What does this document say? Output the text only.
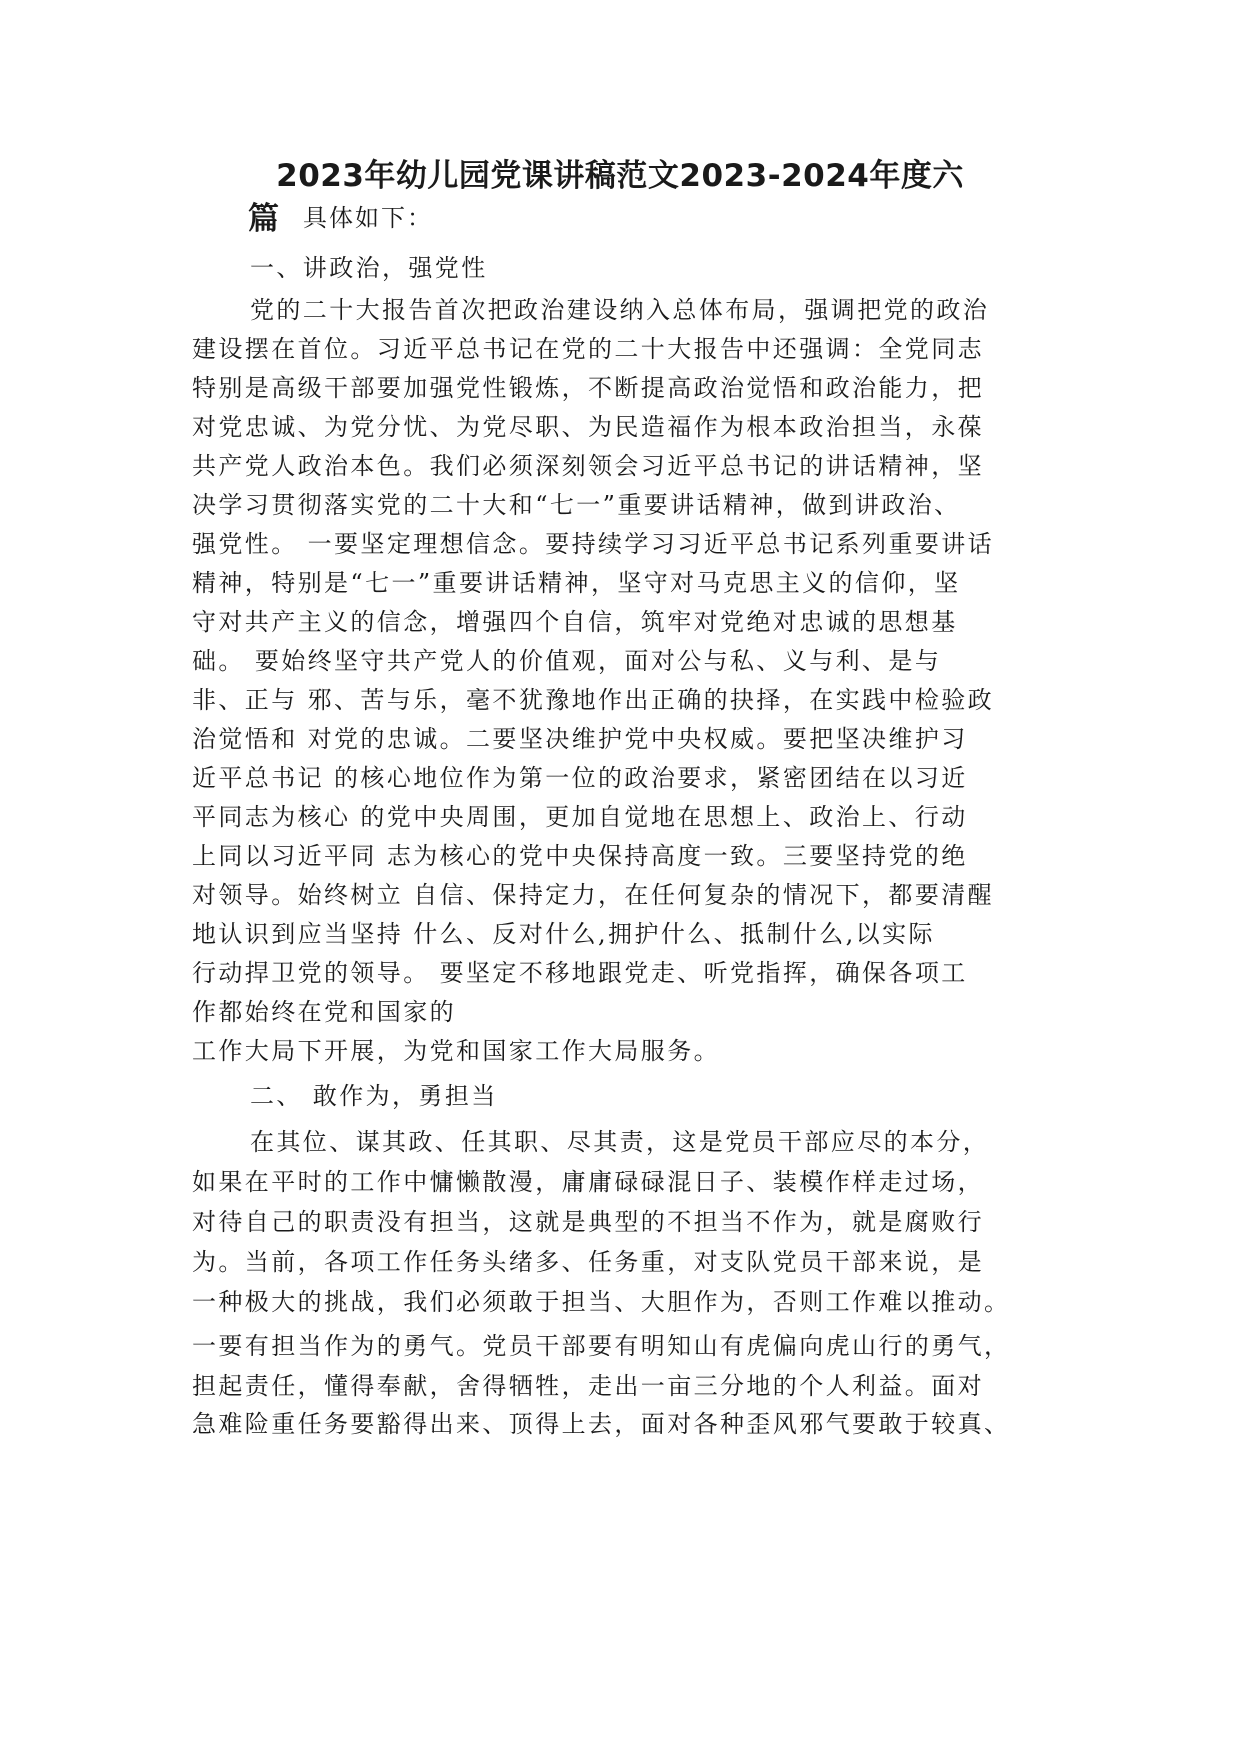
2023年幼儿园党课讲稿范文2023-2024年度六
篇 具体如下：
一、讲政治，强党性
党的二十大报告首次把政治建设纳入总体布局，强调把党的政治
建设摆在首位。习近平总书记在党的二十大报告中还强调：全党同志
特别是高级干部要加强党性锻炼，不断提高政治觉悟和政治能力，把
对党忠诚、为党分忧、为党尽职、为民造福作为根本政治担当，永葆
共产党人政治本色。我们必须深刻领会习近平总书记的讲话精神，坚
决学习贯彻落实党的二十大和“七一”重要讲话精神，做到讲政治、
强党性。 一要坚定理想信念。要持续学习习近平总书记系列重要讲话
精神，特别是“七一”重要讲话精神，坚守对马克思主义的信仰，坚
守对共产主义的信念，增强四个自信，筑牢对党绝对忠诚的思想基
础。 要始终坚守共产党人的价值观，面对公与私、义与利、是与
非、正与 邪、苦与乐，毫不犹豫地作出正确的抉择，在实践中检验政
治觉悟和 对党的忠诚。二要坚决维护党中央权威。要把坚决维护习
近平总书记 的核心地位作为第一位的政治要求，紧密团结在以习近
平同志为核心 的党中央周围，更加自觉地在思想上、政治上、行动
上同以习近平同 志为核心的党中央保持高度一致。三要坚持党的绝
对领导。始终树立 自信、保持定力，在任何复杂的情况下，都要清醒
地认识到应当坚持 什么、反对什么,拥护什么、抵制什么,以实际
行动捍卫党的领导。 要坚定不移地跟党走、听党指挥，确保各项工
作都始终在党和国家的
工作大局下开展，为党和国家工作大局服务。
二、 敢作为，勇担当
在其位、谋其政、任其职、尽其责，这是党员干部应尽的本分，
如果在平时的工作中慵懒散漫，庸庸碌碌混日子、装模作样走过场，
对待自己的职责没有担当，这就是典型的不担当不作为，就是腐败行
为。当前，各项工作任务头绪多、任务重，对支队党员干部来说，是
一种极大的挑战，我们必须敢于担当、大胆作为，否则工作难以推动。
一要有担当作为的勇气。党员干部要有明知山有虎偏向虎山行的勇气，
担起责任，懂得奉献，舍得牺牲，走出一亩三分地的个人利益。面对
急难险重任务要豁得出来、顶得上去，面对各种歪风邪气要敢于较真、
